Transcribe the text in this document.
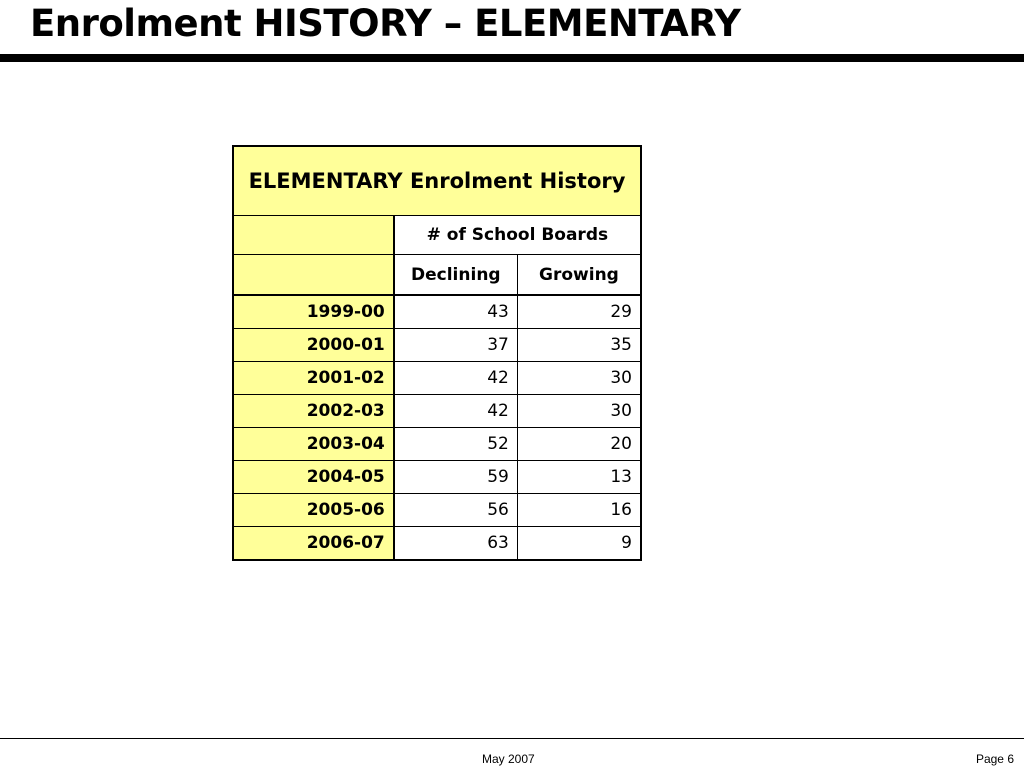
Enrolment HISTORY – ELEMENTARY
ELEMENTARY Enrolment History		
	# of School Boards	
	Declining	Growing
1999-00	43	29
2000-01	37	35
2001-02	42	30
2002-03	42	30
2003-04	52	20
2004-05	59	13
2005-06	56	16
2006-07	63	9
May 2007	Page 6
